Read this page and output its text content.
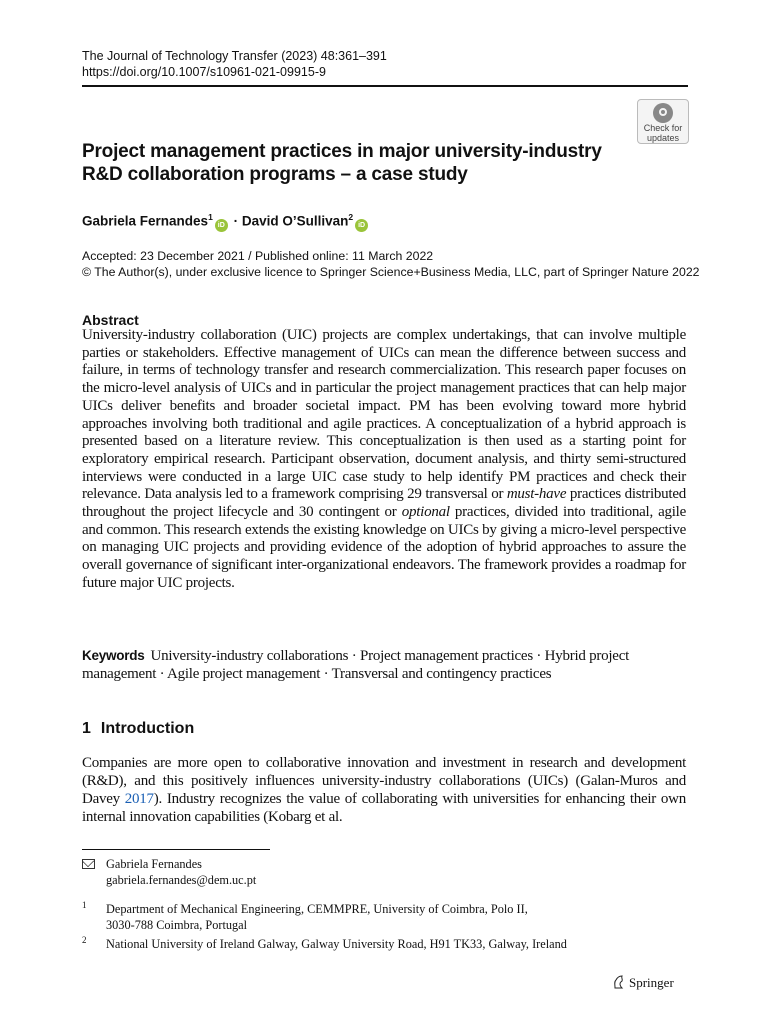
The Journal of Technology Transfer (2023) 48:361–391
https://doi.org/10.1007/s10961-021-09915-9
Check for
updates
Project management practices in major university-industry
R&D collaboration programs – a case study
Gabriela Fernandes$^1$iD · David O’Sullivan$^2$iD
Accepted: 23 December 2021 / Published online: 11 March 2022
© The Author(s), under exclusive licence to Springer Science+Business Media, LLC, part of Springer Nature 2022
Abstract
University-industry collaboration (UIC) projects are complex undertakings, that can involve multiple parties or stakeholders. Effective management of UICs can mean the difference between success and failure, in terms of technology transfer and research commercialization. This research paper focuses on the micro-level analysis of UICs and in particular the project management practices that can help major UICs deliver benefits and broader societal impact. PM has been evolving toward more hybrid approaches involving both traditional and agile practices. A conceptualization of a hybrid approach is presented based on a literature review. This conceptualization is then used as a starting point for exploratory empirical research. Participant observation, document analysis, and thirty semi-structured interviews were conducted in a large UIC case study to help identify PM practices and check their relevance. Data analysis led to a framework comprising 29 transversal or must-have practices distributed throughout the project lifecycle and 30 contingent or optional practices, divided into traditional, agile and common. This research extends the existing knowledge on UICs by giving a micro-level perspective on managing UIC projects and providing evidence of the adoption of hybrid approaches to assure the overall governance of significant inter-organizational endeavors. The framework provides a roadmap for future major UIC projects.
Keywords University-industry collaborations · Project management practices · Hybrid project management · Agile project management · Transversal and contingency practices
1 Introduction
Companies are more open to collaborative innovation and investment in research and development (R&D), and this positively influences university-industry collaborations (UICs) (Galan-Muros and Davey 2017). Industry recognizes the value of collaborating with universities for enhancing their own internal innovation capabilities (Kobarg et al.
Gabriela Fernandes
gabriela.fernandes@dem.uc.pt
1 Department of Mechanical Engineering, CEMMPRE, University of Coimbra, Polo II,
3030-788 Coimbra, Portugal
2 National University of Ireland Galway, Galway University Road, H91 TK33, Galway, Ireland
Springer
